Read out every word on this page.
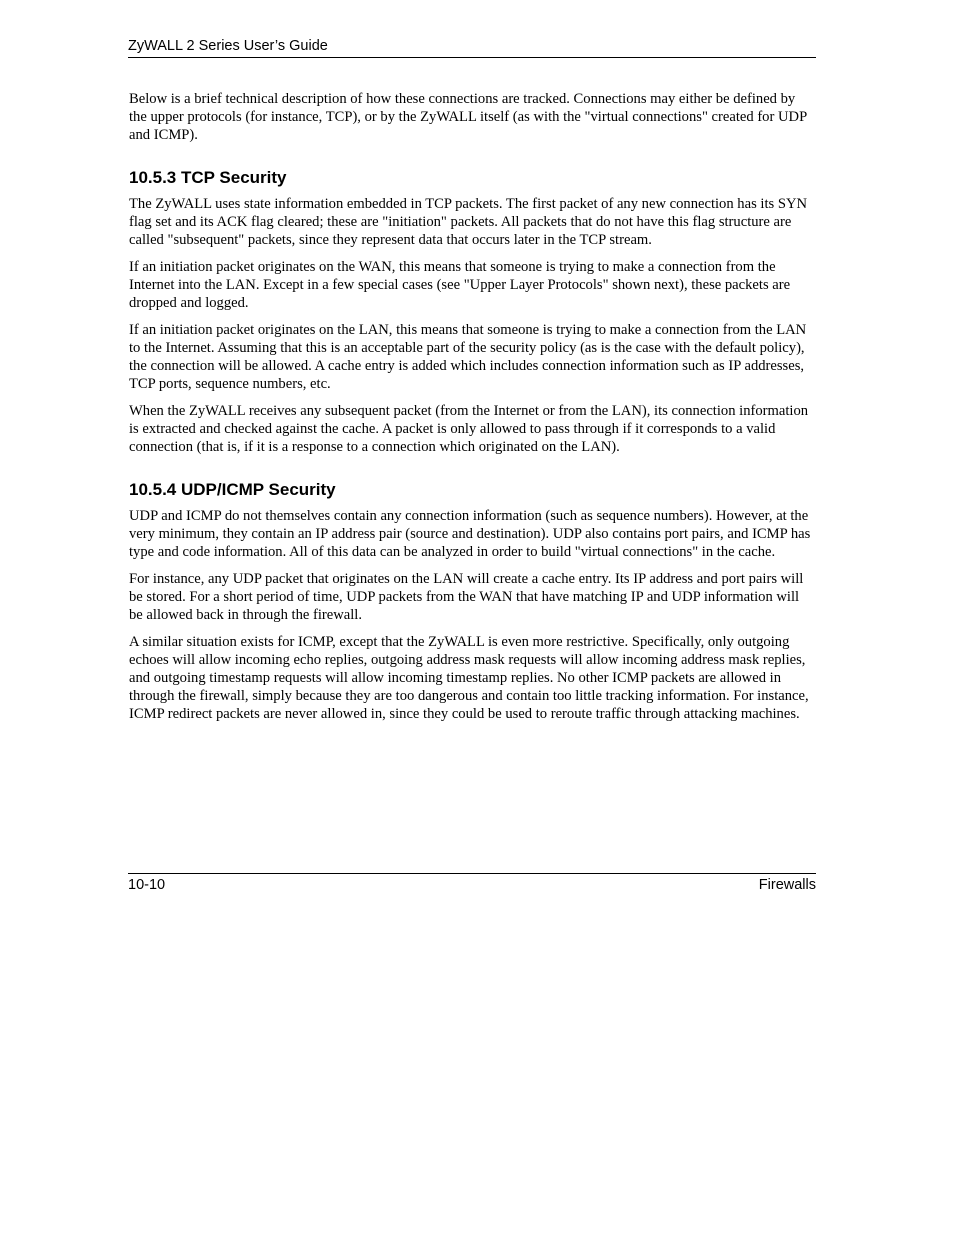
ZyWALL 2 Series User’s Guide

Below is a brief technical description of how these connections are tracked. Connections may either be defined by the upper protocols (for instance, TCP), or by the ZyWALL itself (as with the "virtual connections" created for UDP and ICMP).

10.5.3 TCP Security

The ZyWALL uses state information embedded in TCP packets. The first packet of any new connection has its SYN flag set and its ACK flag cleared; these are "initiation" packets. All packets that do not have this flag structure are called "subsequent" packets, since they represent data that occurs later in the TCP stream.

If an initiation packet originates on the WAN, this means that someone is trying to make a connection from the Internet into the LAN. Except in a few special cases (see "Upper Layer Protocols" shown next), these packets are dropped and logged.

If an initiation packet originates on the LAN, this means that someone is trying to make a connection from the LAN to the Internet. Assuming that this is an acceptable part of the security policy (as is the case with the default policy), the connection will be allowed. A cache entry is added which includes connection information such as IP addresses, TCP ports, sequence numbers, etc.

When the ZyWALL receives any subsequent packet (from the Internet or from the LAN), its connection information is extracted and checked against the cache. A packet is only allowed to pass through if it corresponds to a valid connection (that is, if it is a response to a connection which originated on the LAN).

10.5.4 UDP/ICMP Security

UDP and ICMP do not themselves contain any connection information (such as sequence numbers). However, at the very minimum, they contain an IP address pair (source and destination). UDP also contains port pairs, and ICMP has type and code information. All of this data can be analyzed in order to build "virtual connections" in the cache.

For instance, any UDP packet that originates on the LAN will create a cache entry. Its IP address and port pairs will be stored. For a short period of time, UDP packets from the WAN that have matching IP and UDP information will be allowed back in through the firewall.

A similar situation exists for ICMP, except that the ZyWALL is even more restrictive. Specifically, only outgoing echoes will allow incoming echo replies, outgoing address mask requests will allow incoming address mask replies, and outgoing timestamp requests will allow incoming timestamp replies. No other ICMP packets are allowed in through the firewall, simply because they are too dangerous and contain too little tracking information. For instance, ICMP redirect packets are never allowed in, since they could be used to reroute traffic through attacking machines.

10-10	Firewalls
